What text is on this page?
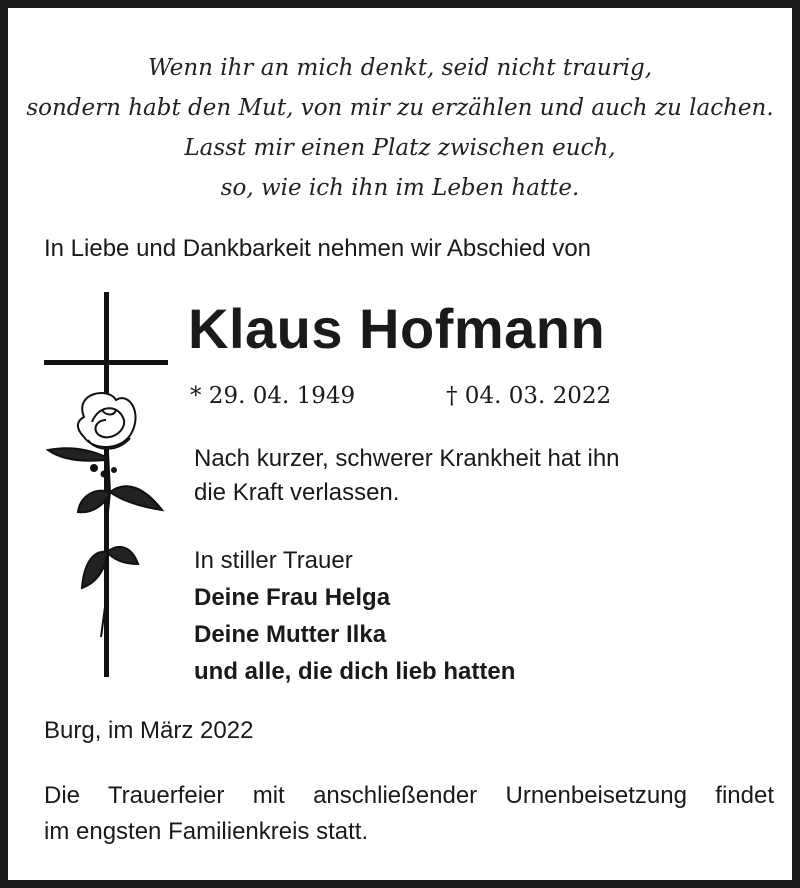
Wenn ihr an mich denkt, seid nicht traurig,
sondern habt den Mut, von mir zu erzählen und auch zu lachen.
Lasst mir einen Platz zwischen euch,
so, wie ich ihn im Leben hatte.
In Liebe und Dankbarkeit nehmen wir Abschied von
Klaus Hofmann
* 29. 04. 1949	† 04. 03. 2022
Nach kurzer, schwerer Krankheit hat ihn
die Kraft verlassen.
In stiller Trauer
Deine Frau Helga
Deine Mutter Ilka
und alle, die dich lieb hatten
Burg, im März 2022
Die Trauerfeier mit anschließender Urnenbeisetzung findet
im engsten Familienkreis statt.
